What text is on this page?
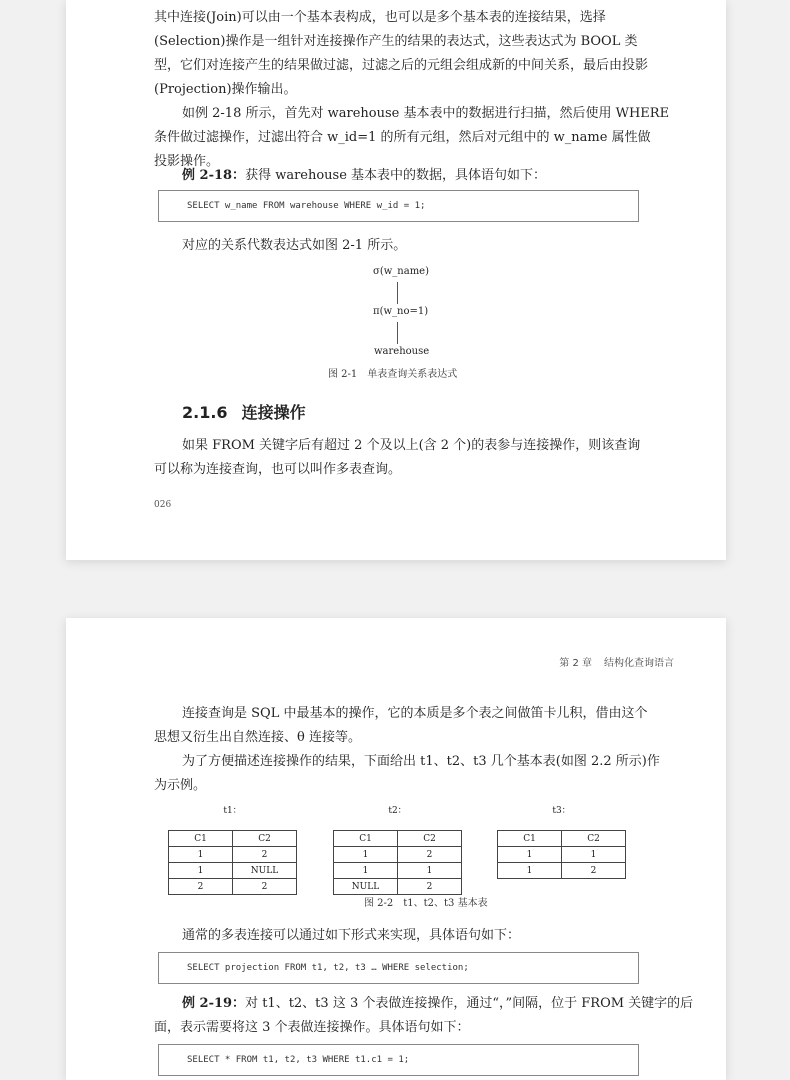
其中连接(Join)可以由一个基本表构成，也可以是多个基本表的连接结果，选择
(Selection)操作是一组针对连接操作产生的结果的表达式，这些表达式为 BOOL 类
型，它们对连接产生的结果做过滤，过滤之后的元组会组成新的中间关系，最后由投影
(Projection)操作输出。
如例 2-18 所示，首先对 warehouse 基本表中的数据进行扫描，然后使用 WHERE
条件做过滤操作，过滤出符合 w_id=1 的所有元组，然后对元组中的 w_name 属性做
投影操作。
例 2-18：获得 warehouse 基本表中的数据，具体语句如下：
SELECT w_name FROM warehouse WHERE w_id = 1;
对应的关系代数表达式如图 2-1 所示。
σ(w_name)
π(w_no=1)
warehouse
图 2-1　单表查询关系表达式
2.1.6 连接操作
如果 FROM 关键字后有超过 2 个及以上(含 2 个)的表参与连接操作，则该查询
可以称为连接查询，也可以叫作多表查询。
026
第 2 章 结构化查询语言
连接查询是 SQL 中最基本的操作，它的本质是多个表之间做笛卡儿积，借由这个
思想又衍生出自然连接、θ 连接等。
为了方便描述连接操作的结果，下面给出 t1、t2、t3 几个基本表(如图 2.2 所示)作
为示例。
t1：
C1	C2
1	2
1	NULL
2	2
t2：
C1	C2
1	2
1	1
NULL	2
t3：
C1	C2
1	1
1	2
图 2-2　t1、t2、t3 基本表
通常的多表连接可以通过如下形式来实现，具体语句如下：
SELECT projection FROM t1, t2, t3 … WHERE selection;
例 2-19：对 t1、t2、t3 这 3 个表做连接操作，通过“，”间隔，位于 FROM 关键字的后
面，表示需要将这 3 个表做连接操作。具体语句如下：
SELECT * FROM t1, t2, t3 WHERE t1.c1 = 1;
